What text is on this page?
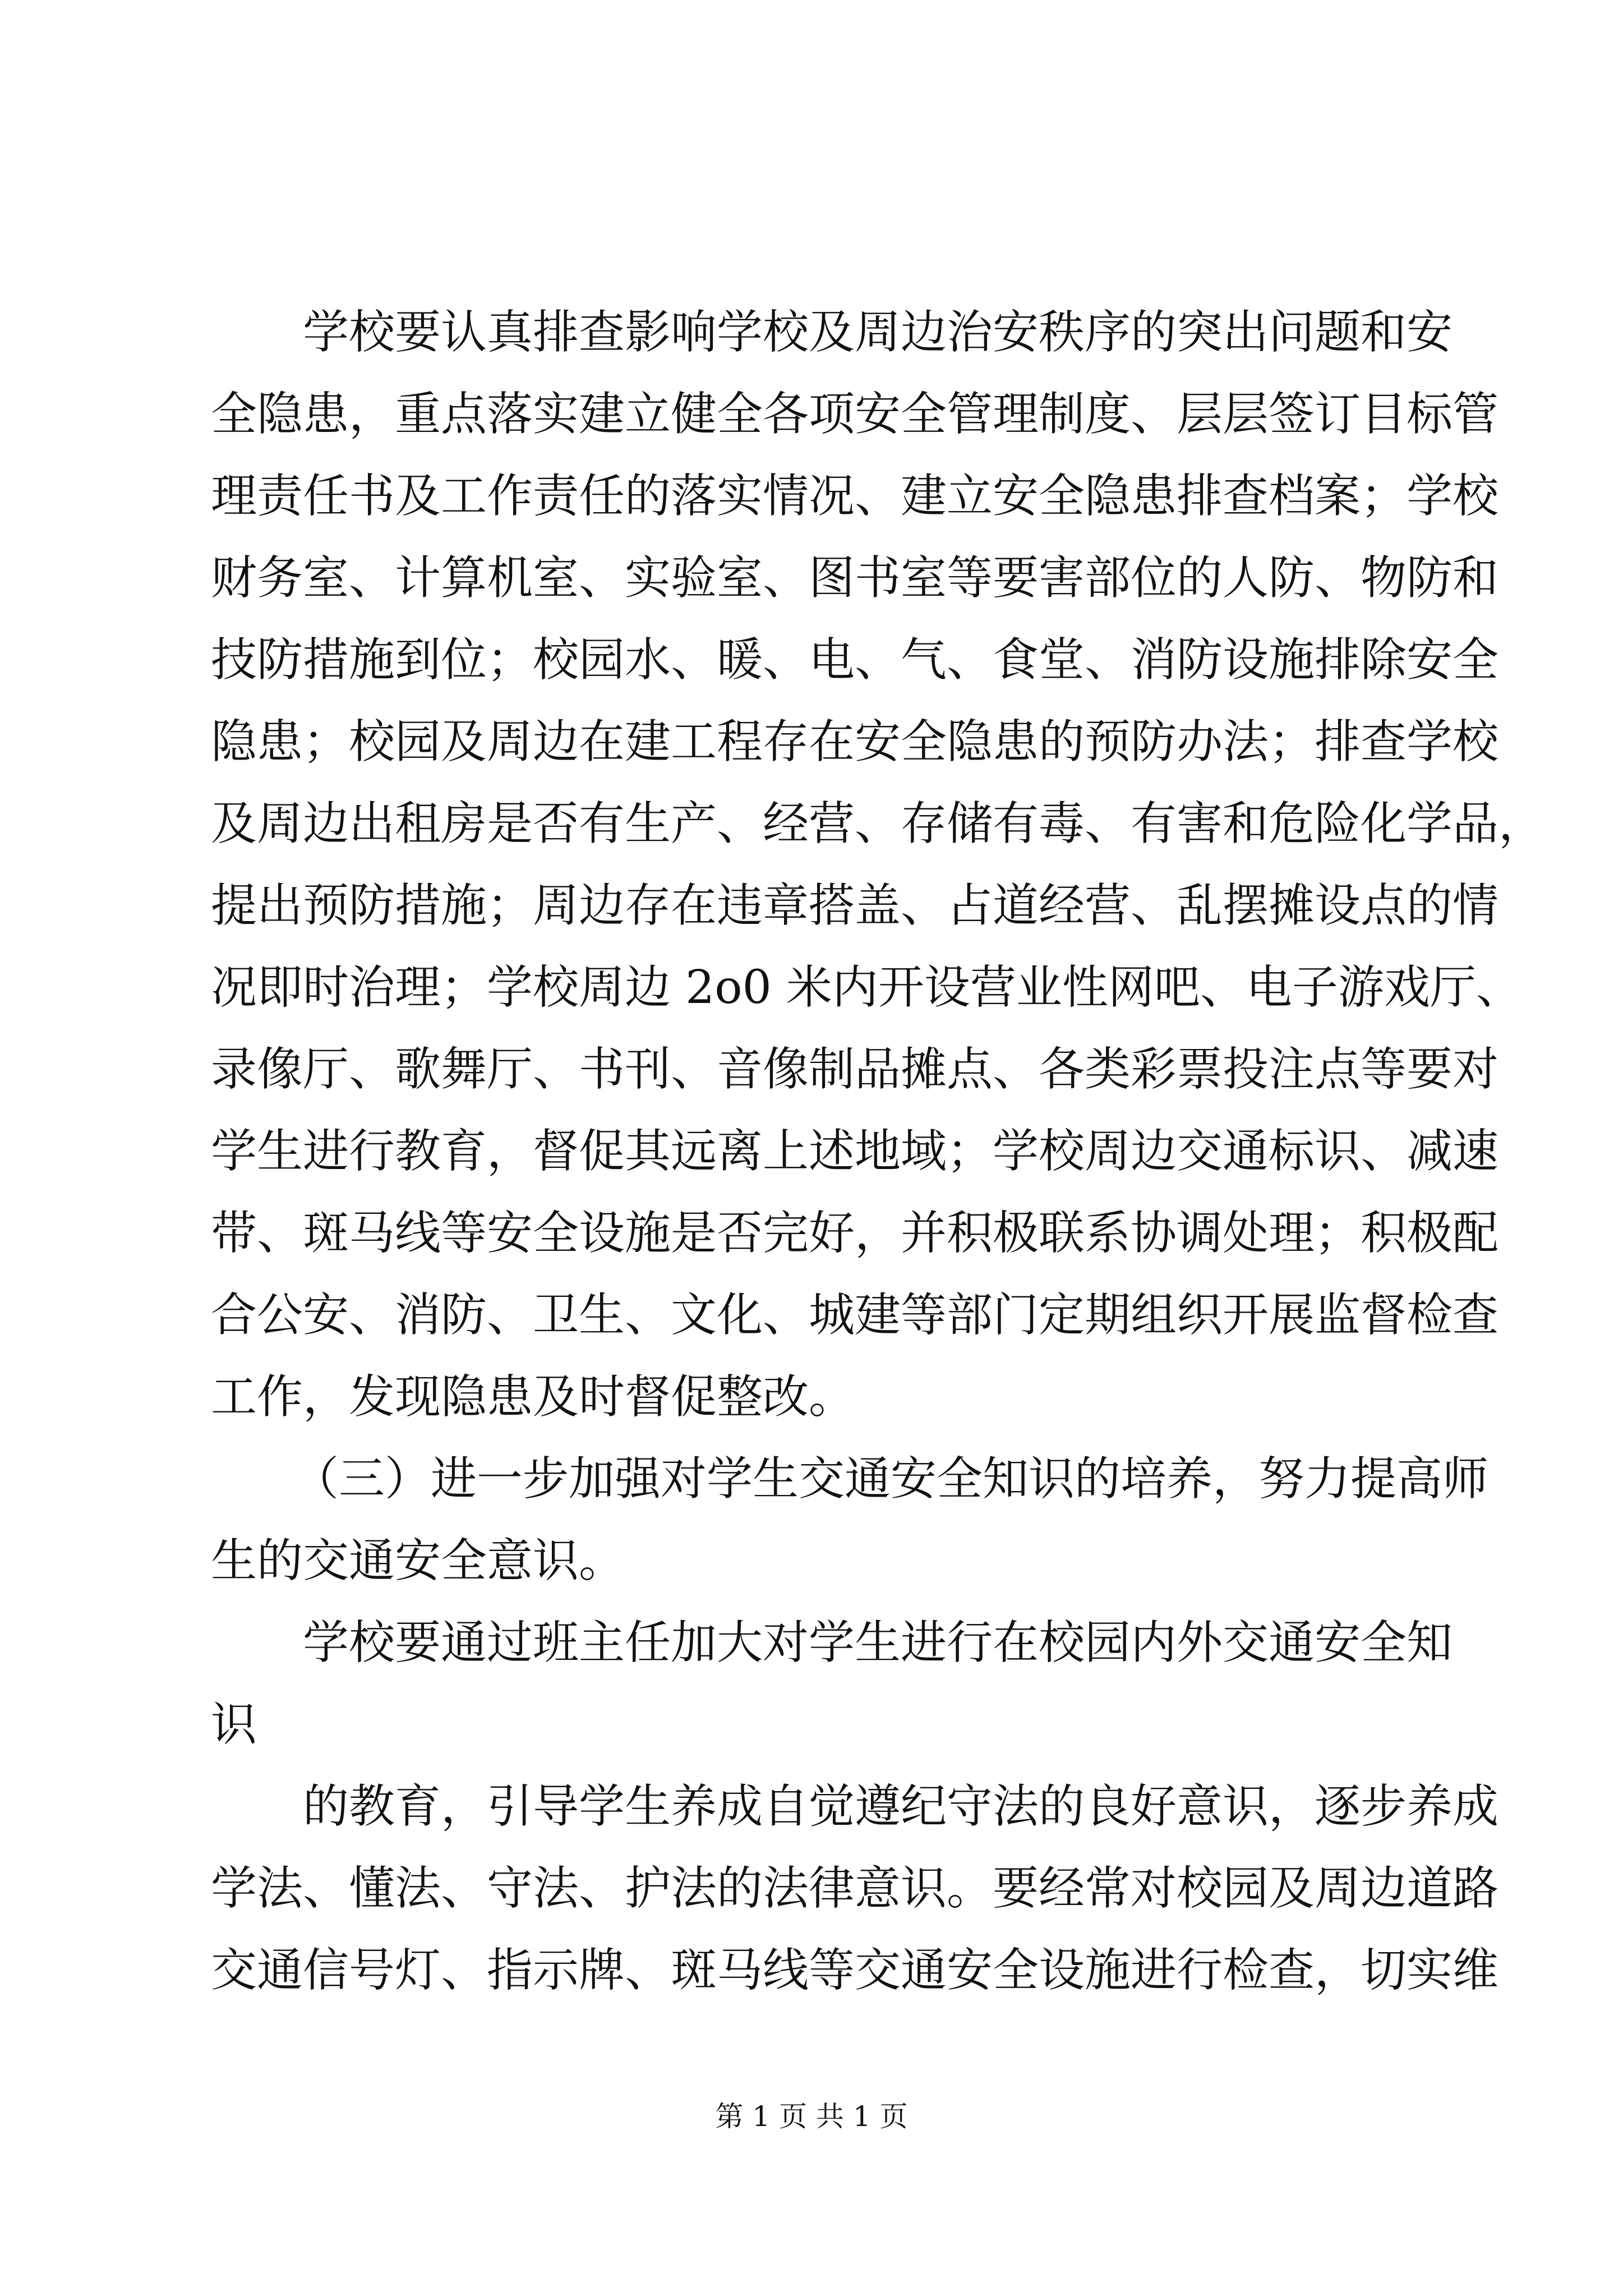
学校要认真排查影响学校及周边治安秩序的突出问题和安
全隐患，重点落实建立健全各项安全管理制度、层层签订目标管
理责任书及工作责任的落实情况、建立安全隐患排查档案；学校
财务室、计算机室、实验室、图书室等要害部位的人防、物防和
技防措施到位；校园水、暖、电、气、食堂、消防设施排除安全
隐患；校园及周边在建工程存在安全隐患的预防办法；排查学校
及周边出租房是否有生产、经营、存储有毒、有害和危险化学品，
提出预防措施；周边存在违章搭盖、占道经营、乱摆摊设点的情
况即时治理；学校周边 2o0 米内开设营业性网吧、电子游戏厅、
录像厅、歌舞厅、书刊、音像制品摊点、各类彩票投注点等要对
学生进行教育，督促其远离上述地域；学校周边交通标识、减速
带、斑马线等安全设施是否完好，并积极联系协调处理；积极配
合公安、消防、卫生、文化、城建等部门定期组织开展监督检查
工作，发现隐患及时督促整改。
（三）进一步加强对学生交通安全知识的培养，努力提高师
生的交通安全意识。
学校要通过班主任加大对学生进行在校园内外交通安全知
识
的教育，引导学生养成自觉遵纪守法的良好意识，逐步养成
学法、懂法、守法、护法的法律意识。要经常对校园及周边道路
交通信号灯、指示牌、斑马线等交通安全设施进行检查，切实维
第 1 页 共 1 页
